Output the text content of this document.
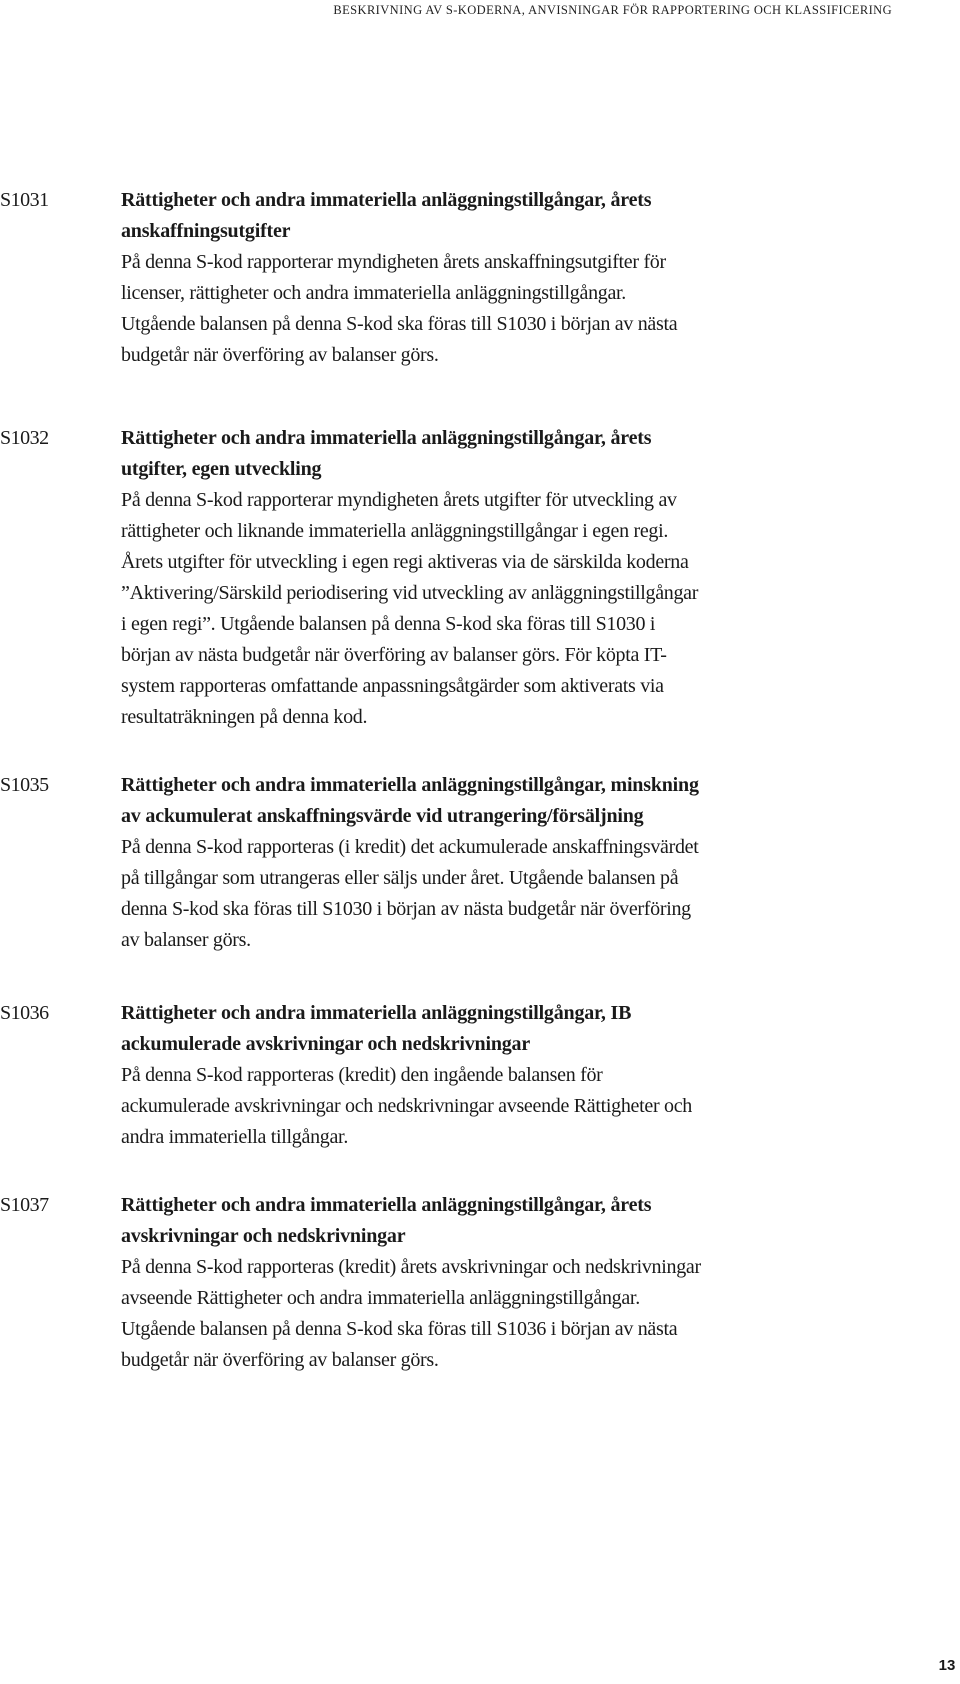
BESKRIVNING AV S-KODERNA, ANVISNINGAR FÖR RAPPORTERING OCH KLASSIFICERING
S1031	Rättigheter och andra immateriella anläggningstillgångar, årets
anskaffningsutgifter
På denna S-kod rapporterar myndigheten årets anskaffningsutgifter för
licenser, rättigheter och andra immateriella anläggningstillgångar.
Utgående balansen på denna S-kod ska föras till S1030 i början av nästa
budgetår när överföring av balanser görs.
S1032	Rättigheter och andra immateriella anläggningstillgångar, årets
utgifter, egen utveckling
På denna S-kod rapporterar myndigheten årets utgifter för utveckling av
rättigheter och liknande immateriella anläggningstillgångar i egen regi.
Årets utgifter för utveckling i egen regi aktiveras via de särskilda koderna
”Aktivering/Särskild periodisering vid utveckling av anläggningstillgångar
i egen regi”. Utgående balansen på denna S-kod ska föras till S1030 i
början av nästa budgetår när överföring av balanser görs. För köpta IT-
system rapporteras omfattande anpassningsåtgärder som aktiverats via
resultaträkningen på denna kod.
S1035	Rättigheter och andra immateriella anläggningstillgångar, minskning
av ackumulerat anskaffningsvärde vid utrangering/försäljning
På denna S-kod rapporteras (i kredit) det ackumulerade anskaffningsvärdet
på tillgångar som utrangeras eller säljs under året. Utgående balansen på
denna S-kod ska föras till S1030 i början av nästa budgetår när överföring
av balanser görs.
S1036	Rättigheter och andra immateriella anläggningstillgångar, IB
ackumulerade avskrivningar och nedskrivningar
På denna S-kod rapporteras (kredit) den ingående balansen för
ackumulerade avskrivningar och nedskrivningar avseende Rättigheter och
andra immateriella tillgångar.
S1037	Rättigheter och andra immateriella anläggningstillgångar, årets
avskrivningar och nedskrivningar
På denna S-kod rapporteras (kredit) årets avskrivningar och nedskrivningar
avseende Rättigheter och andra immateriella anläggningstillgångar.
Utgående balansen på denna S-kod ska föras till S1036 i början av nästa
budgetår när överföring av balanser görs.
13
